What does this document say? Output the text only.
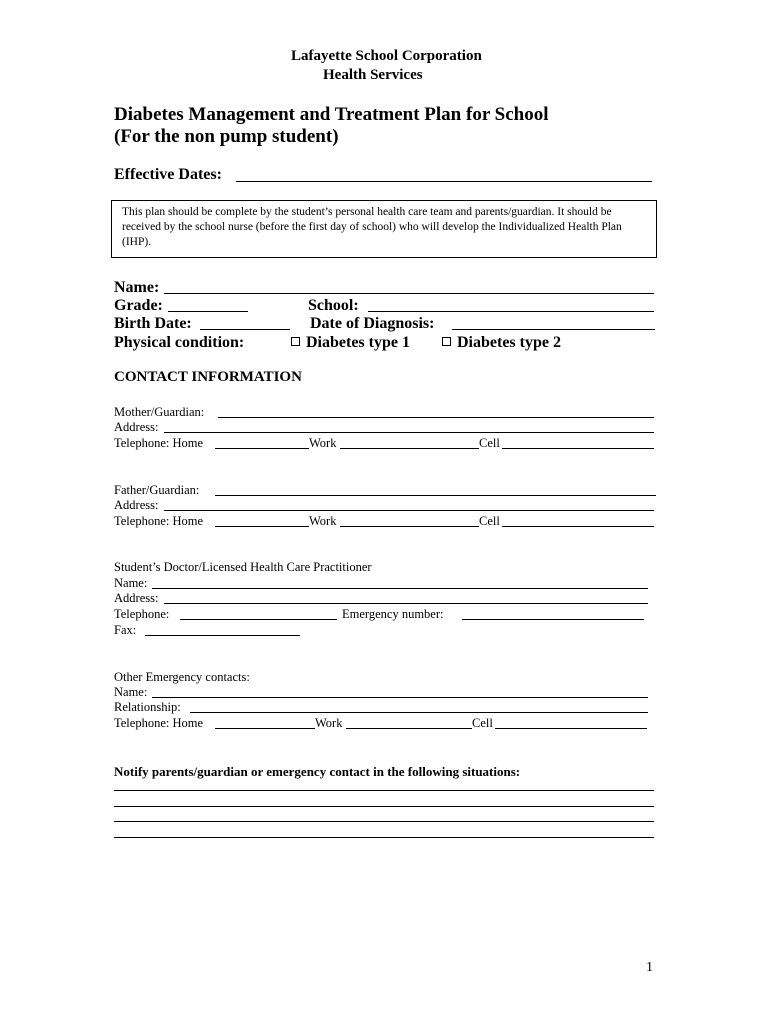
Lafayette School Corporation
Health Services
Diabetes Management and Treatment Plan for School
(For the non pump student)
Effective Dates:

This plan should be complete by the student’s personal health care team and parents/guardian. It should be received by the school nurse (before the first day of school) who will develop the Individualized Health Plan (IHP).

Name:
Grade:	School:
Birth Date:	Date of Diagnosis:
Physical condition:	Diabetes type 1	Diabetes type 2
CONTACT INFORMATION
Mother/Guardian:
Address:
Telephone: Home	Work	Cell
Father/Guardian:
Address:
Telephone: Home	Work	Cell
Student’s Doctor/Licensed Health Care Practitioner
Name:
Address:
Telephone:	Emergency number:
Fax:
Other Emergency contacts:
Name:
Relationship:
Telephone: Home	Work	Cell
Notify parents/guardian or emergency contact in the following situations:
1
